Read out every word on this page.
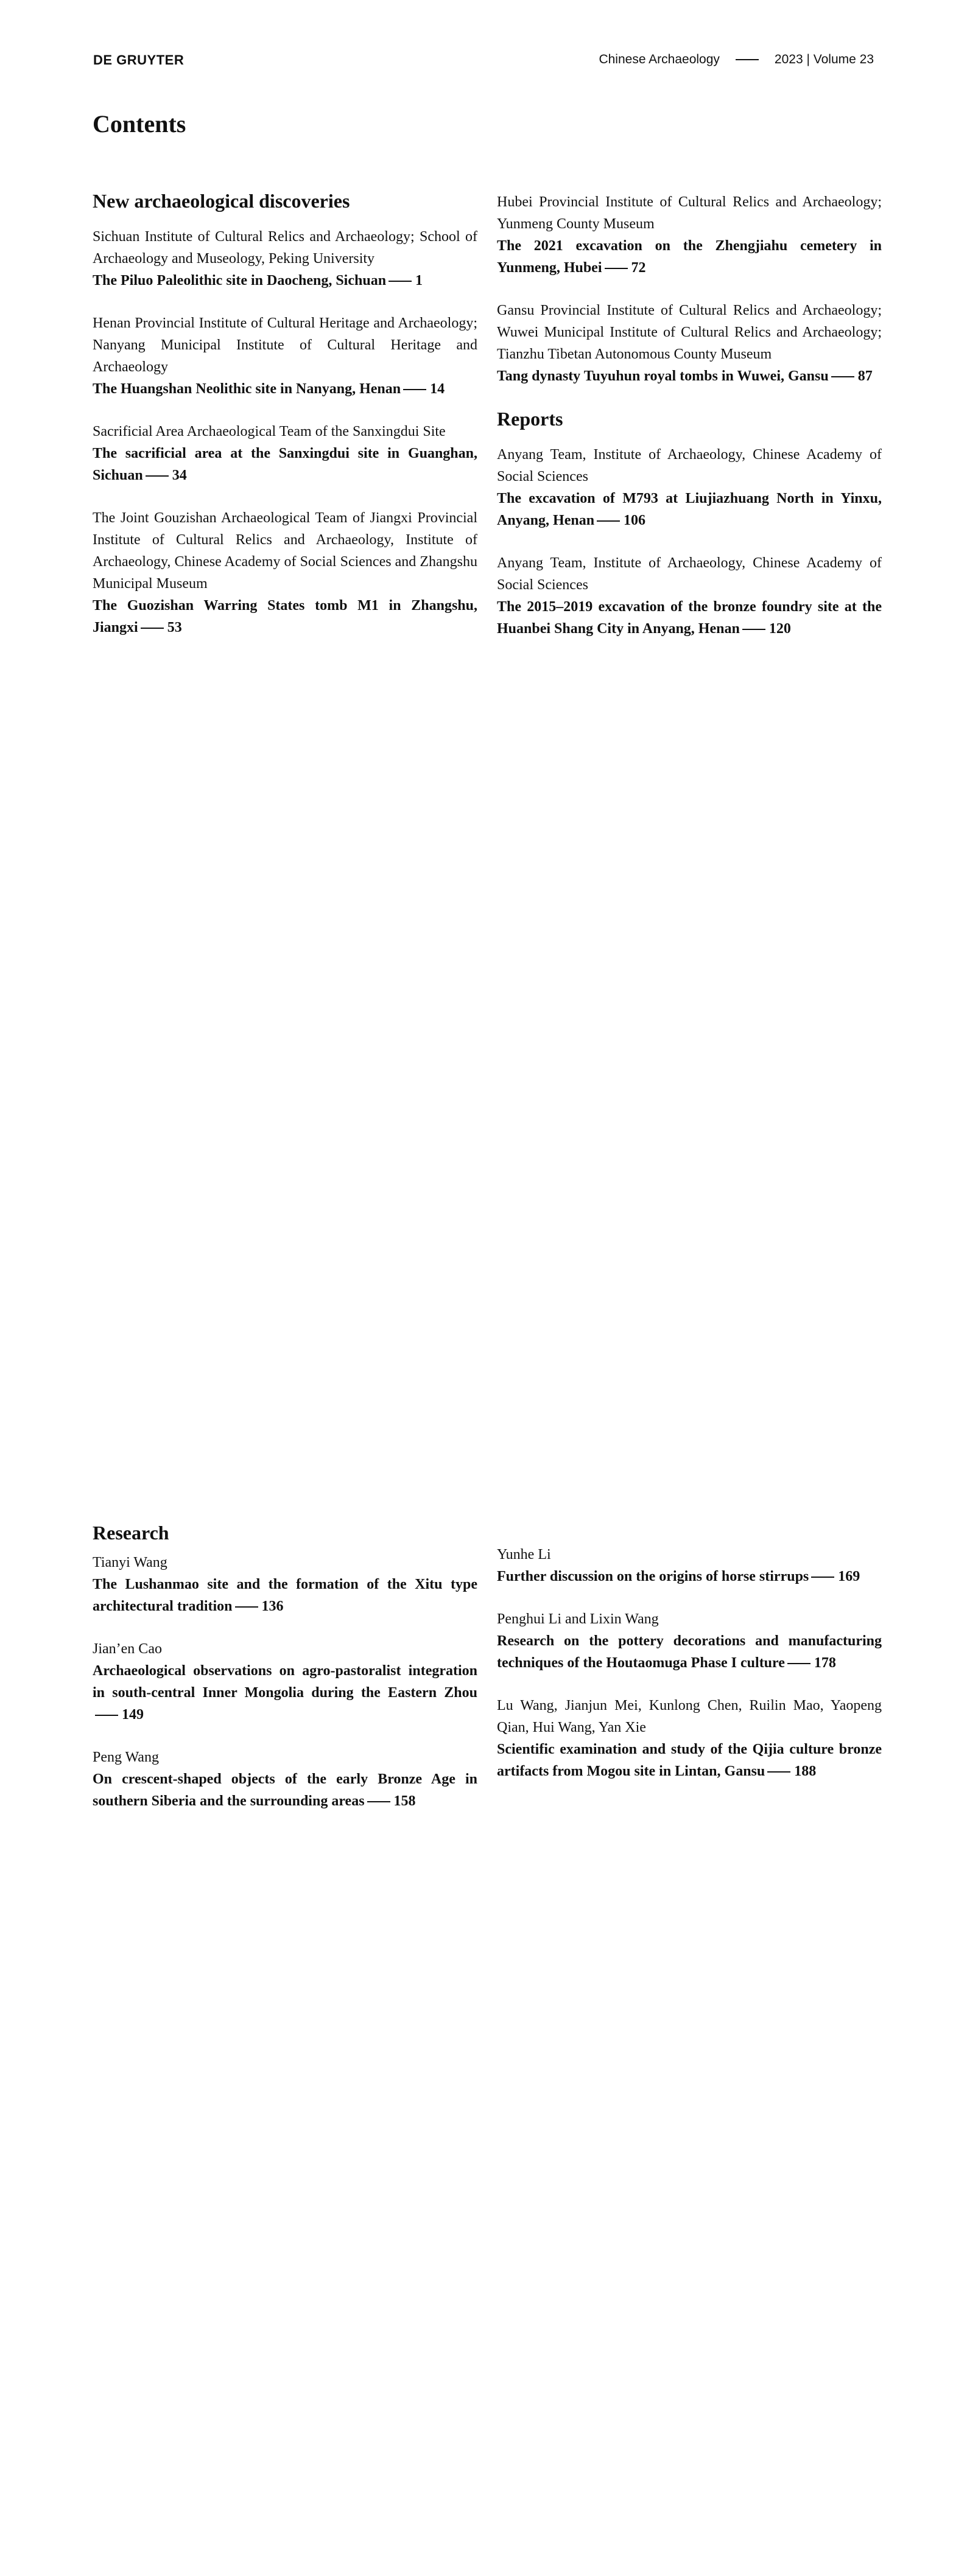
DE GRUYTER	Chinese Archaeology	2023 | Volume 23
Contents
New archaeological discoveries

Sichuan Institute of Cultural Relics and Archaeology; School of Archaeology and Museology, Peking University

The Piluo Paleolithic site in Daocheng, Sichuan 1

Henan Provincial Institute of Cultural Heritage and Archaeology; Nanyang Municipal Institute of Cultural Heritage and Archaeology

The Huangshan Neolithic site in Nanyang, Henan 14

Sacrificial Area Archaeological Team of the Sanxingdui Site

The sacrificial area at the Sanxingdui site in Guanghan, Sichuan 34

The Joint Gouzishan Archaeological Team of Jiangxi Provincial Institute of Cultural Relics and Archaeology, Institute of Archaeology, Chinese Academy of Social Sciences and Zhangshu Municipal Museum

The Guozishan Warring States tomb M1 in Zhangshu, Jiangxi 53

Hubei Provincial Institute of Cultural Relics and Archaeology; Yunmeng County Museum

The 2021 excavation on the Zhengjiahu cemetery in Yunmeng, Hubei 72

Gansu Provincial Institute of Cultural Relics and Archaeology; Wuwei Municipal Institute of Cultural Relics and Archaeology; Tianzhu Tibetan Autonomous County Museum

Tang dynasty Tuyuhun royal tombs in Wuwei, Gansu 87

Reports

Anyang Team, Institute of Archaeology, Chinese Academy of Social Sciences

The excavation of M793 at Liujiazhuang North in Yinxu, Anyang, Henan 106

Anyang Team, Institute of Archaeology, Chinese Academy of Social Sciences

The 2015–2019 excavation of the bronze foundry site at the Huanbei Shang City in Anyang, Henan 120

Research

Tianyi Wang

The Lushanmao site and the formation of the Xitu type architectural tradition 136

Jian’en Cao

Archaeological observations on agro-pastoralist integration in south-central Inner Mongolia during the Eastern Zhou149

Peng Wang

On crescent-shaped objects of the early Bronze Age in southern Siberia and the surrounding areas 158

Yunhe Li

Further discussion on the origins of horse stirrups 169

Penghui Li and Lixin Wang

Research on the pottery decorations and manufacturing techniques of the Houtaomuga Phase I culture 178

Lu Wang, Jianjun Mei, Kunlong Chen, Ruilin Mao, Yaopeng Qian, Hui Wang, Yan Xie

Scientific examination and study of the Qijia culture bronze artifacts from Mogou site in Lintan, Gansu 188
